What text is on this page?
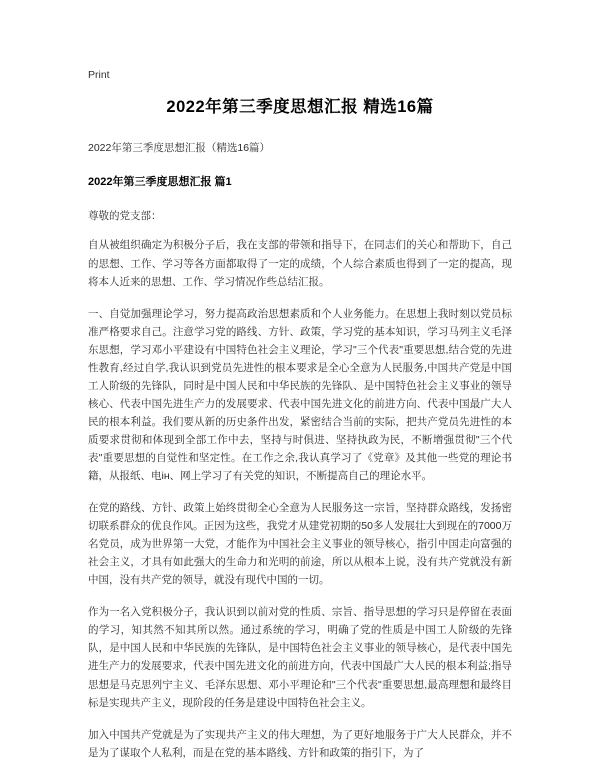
Print
2022年第三季度思想汇报 精选16篇
2022年第三季度思想汇报（精选16篇）
2022年第三季度思想汇报 篇1
尊敬的党支部：

自从被组织确定为积极分子后，我在支部的带领和指导下，在同志们的关心和帮助下，自己的思想、工作、学习等各方面都取得了一定的成绩，个人综合素质也得到了一定的提高，现将本人近来的思想、工作、学习情况作些总结汇报。

一、自觉加强理论学习，努力提高政治思想素质和个人业务能力。在思想上我时刻以党员标准严格要求自己。注意学习党的路线、方针、政策，学习党的基本知识，学习马列主义毛泽东思想，学习邓小平建设有中国特色社会主义理论，学习"三个代表"重要思想,结合党的先进性教育,经过自学,我认识到党员先进性的根本要求是全心全意为人民服务,中国共产党是中国工人阶级的先锋队，同时是中国人民和中华民族的先锋队、是中国特色社会主义事业的领导核心、代表中国先进生产力的发展要求、代表中国先进文化的前进方向、代表中国最广大人民的根本利益。我们要从新的历史条件出发，紧密结合当前的实际，把共产党员先进性的本质要求贯彻和体现到全部工作中去，坚持与时俱进、坚持执政为民，不断增强贯彻"三个代表"重要思想的自觉性和坚定性。在工作之余,我认真学习了《党章》及其他一些党的理论书籍，从报纸、电ін、网上学习了有关党的知识，不断提高自己的理论水平。

在党的路线、方针、政策上始终贯彻全心全意为人民服务这一宗旨，坚持群众路线，发扬密切联系群众的优良作风。正因为这些，我党才从建党初期的50多人发展壮大到现在的7000万名党员，成为世界第一大党，才能作为中国社会主义事业的领导核心，指引中国走向富强的社会主义，才具有如此强大的生命力和光明的前途，所以从根本上说，没有共产党就没有新中国，没有共产党的领导，就没有现代中国的一切。

作为一名入党积极分子，我认识到以前对党的性质、宗旨、指导思想的学习只是停留在表面的学习，知其然不知其所以然。通过系统的学习，明确了党的性质是中国工人阶级的先锋队，是中国人民和中华民族的先锋队，是中国特色社会主义事业的领导核心，是代表中国先进生产力的发展要求，代表中国先进文化的前进方向，代表中国最广大人民的根本利益;指导思想是马克思列宁主义、毛泽东思想、邓小平理论和"三个代表"重要思想,最高理想和最终目标是实现共产主义，现阶段的任务是建设中国特色社会主义。

加入中国共产党就是为了实现共产主义的伟大理想，为了更好地服务于广大人民群众，并不是为了谋取个人私利，而是在党的基本路线、方针和政策的指引下，为了
